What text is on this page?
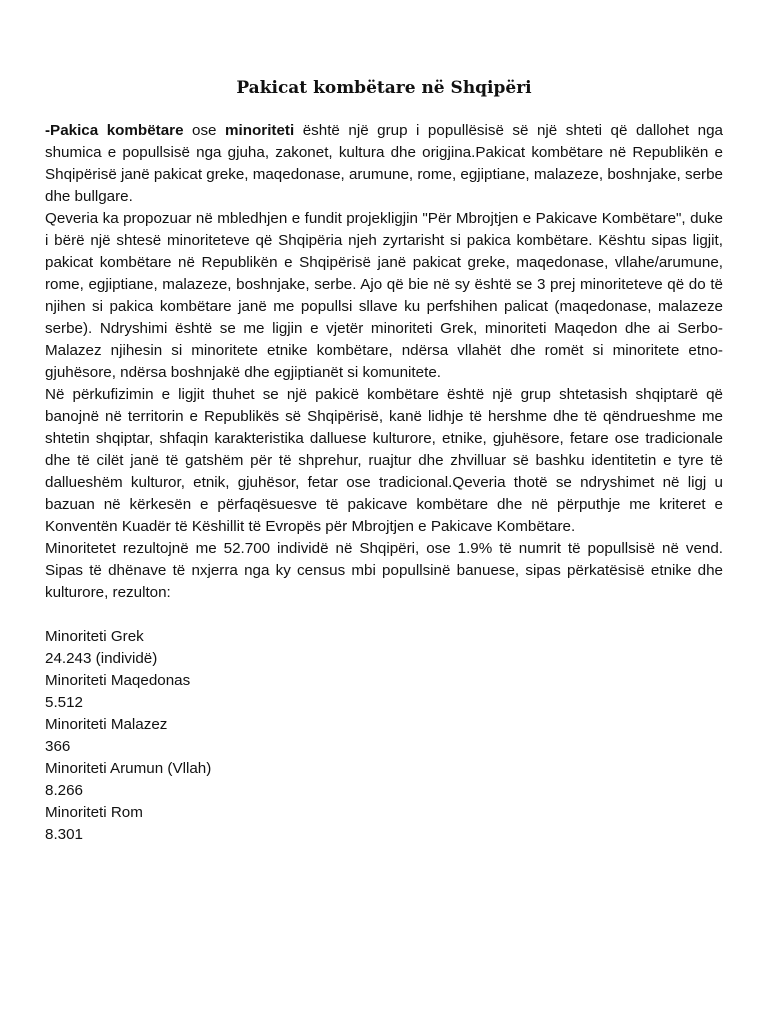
Pakicat kombëtare në Shqipëri

-Pakica kombëtare ose minoriteti është një grup i popullësisë së një shteti që dallohet nga shumica e popullsisë nga gjuha, zakonet, kultura dhe origjina.Pakicat kombëtare në Republikën e Shqipërisë janë pakicat greke, maqedonase, arumune, rome, egjiptiane, malazeze, boshnjake, serbe dhe bullgare.

Qeveria ka propozuar në mbledhjen e fundit projekligjin "Për Mbrojtjen e Pakicave Kombëtare", duke i bërë një shtesë minoriteteve që Shqipëria njeh zyrtarisht si pakica kombëtare. Kështu sipas ligjit, pakicat kombëtare në Republikën e Shqipërisë janë pakicat greke, maqedonase, vllahe/arumune, rome, egjiptiane, malazeze, boshnjake, serbe. Ajo që bie në sy është se 3 prej minoriteteve që do të njihen si pakica kombëtare janë me popullsi sllave ku perfshihen palicat (maqedonase, malazeze serbe). Ndryshimi është se me ligjin e vjetër minoriteti Grek, minoriteti Maqedon dhe ai Serbo-Malazez njihesin si minoritete etnike kombëtare, ndërsa vllahët dhe romët si minoritete etno-gjuhësore, ndërsa boshnjakë dhe egjiptianët si komunitete.

Në përkufizimin e ligjit thuhet se një pakicë kombëtare është një grup shtetasish shqiptarë që banojnë në territorin e Republikës së Shqipërisë, kanë lidhje të hershme dhe të qëndrueshme me shtetin shqiptar, shfaqin karakteristika dalluese kulturore, etnike, gjuhësore, fetare ose tradicionale dhe të cilët janë të gatshëm për të shprehur, ruajtur dhe zhvilluar së bashku identitetin e tyre të dallueshëm kulturor, etnik, gjuhësor, fetar ose tradicional.Qeveria thotë se ndryshimet në ligj u bazuan në kërkesën e përfaqësuesve të pakicave kombëtare dhe në përputhje me kriteret e Konventën Kuadër të Këshillit të Evropës për Mbrojtjen e Pakicave Kombëtare.

Minoritetet rezultojnë me 52.700 individë në Shqipëri, ose 1.9% të numrit të popullsisë në vend. Sipas të dhënave të nxjerra nga ky census mbi popullsinë banuese, sipas përkatësisë etnike dhe kulturore, rezulton:

Minoriteti Grek

24.243 (individë)

Minoriteti Maqedonas

5.512

Minoriteti Malazez

366

Minoriteti Arumun (Vllah)

8.266

Minoriteti Rom

8.301
